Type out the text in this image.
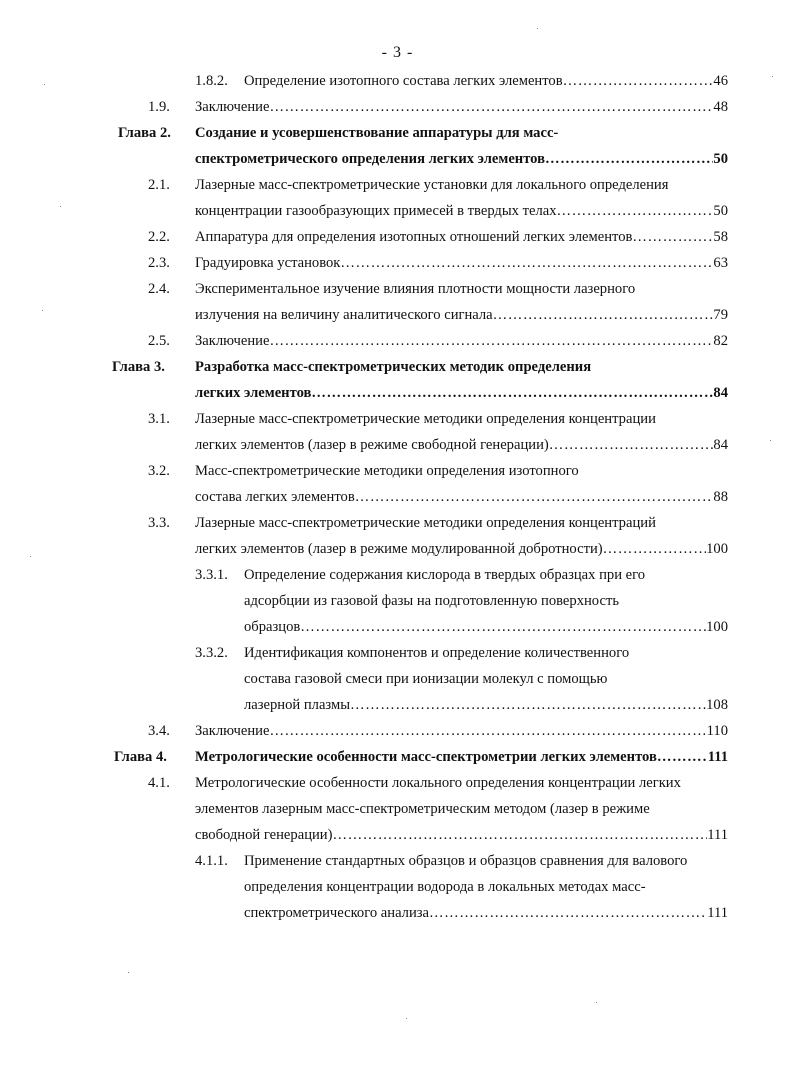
- 3 -
1.8.2. Определение изотопного состава легких элементов ………………………………………………………………………………………………………………………………………………………………………………………………………………………	46
1.9. Заключение ………………………………………………………………………………………………………………………………………………………………………………………………………………………	48
Глава 2. Создание и усовершенствование аппаратуры для масс-
спектрометрического определения легких элементов ………………………………………………………………………………………………………………………………………………………………………………………………………………………	50
2.1. Лазерные масс-спектрометрические установки для локального определения
концентрации газообразующих примесей в твердых телах ………………………………………………………………………………………………………………………………………………………………………………………………………………………	50
2.2. Аппаратура для определения изотопных отношений легких элементов ………………………………………………………………………………………………………………………………………………………………………………………………………………………	58
2.3. Градуировка установок ………………………………………………………………………………………………………………………………………………………………………………………………………………………	63
2.4. Экспериментальное изучение влияния плотности мощности лазерного
излучения на величину аналитического сигнала ………………………………………………………………………………………………………………………………………………………………………………………………………………………	79
2.5. Заключение ………………………………………………………………………………………………………………………………………………………………………………………………………………………	82
Глава 3. Разработка масс-спектрометрических методик определения
легких элементов ………………………………………………………………………………………………………………………………………………………………………………………………………………………	84
3.1. Лазерные масс-спектрометрические методики определения концентрации
легких элементов (лазер в режиме свободной генерации) ………………………………………………………………………………………………………………………………………………………………………………………………………………………	84
3.2. Масс-спектрометрические методики определения изотопного
состава легких элементов ………………………………………………………………………………………………………………………………………………………………………………………………………………………	88
3.3. Лазерные масс-спектрометрические методики определения концентраций
легких элементов (лазер в режиме модулированной добротности) ………………………………………………………………………………………………………………………………………………………………………………………………………………………	100
3.3.1. Определение содержания кислорода в твердых образцах при его
адсорбции из газовой фазы на подготовленную поверхность
образцов ………………………………………………………………………………………………………………………………………………………………………………………………………………………	100
3.3.2. Идентификация компонентов и определение количественного
состава газовой смеси при ионизации молекул с помощью
лазерной плазмы ………………………………………………………………………………………………………………………………………………………………………………………………………………………	108
3.4. Заключение ………………………………………………………………………………………………………………………………………………………………………………………………………………………	110
Глава 4. Метрологические особенности масс-спектрометрии легких элементов ………………………………………………………………………………………………………………………………………………………………………………………………………………………	111
4.1. Метрологические особенности локального определения концентрации легких
элементов лазерным масс-спектрометрическим методом (лазер в режиме
свободной генерации) ………………………………………………………………………………………………………………………………………………………………………………………………………………………	111
4.1.1. Применение стандартных образцов и образцов сравнения для валового
определения концентрации водорода в локальных методах масс-
спектрометрического анализа ………………………………………………………………………………………………………………………………………………………………………………………………………………………	111
